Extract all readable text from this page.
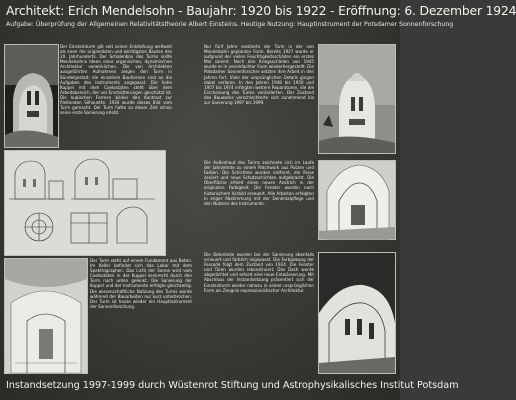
Architekt: Erich Mendelsohn - Baujahr: 1920 bis 1922 - Eröffnung: 6. Dezember 1924
Aufgabe: Überprüfung der Allgemeinen Relativitätstheorie Albert Einsteins. Heutige Nutzung: Hauptinstrument der Potsdamer Sonnenforschung

Der Einsteinturm gilt seit seiner Entstehung weltweit als einer der originellsten und wichtigsten Bauten des 20. Jahrhunderts. Der Schalenbau des Turms sollte Mendelsohns Ideen einer organischen, dynamischen Architektur verwirklichen. Die von Architekten ausgeführten Aufnahmen zeigen den Turm in Bündelgestalt; die einzelnen Bauformen sind an die Aufgaben des Instruments angepasst. Die hohe Kuppel mit dem Coelostaten steht über dem Arbeitsbereich, der vor Erschütterungen geschützt ist. Die kubischen Formen bilden den Kontrast zur fließenden Silhouette. 1930 wurde dieses Bild vom Turm gemacht. Der Turm hatte zu dieser Zeit schon seine erste Sanierung erlebt.

Nur fünf Jahre existierte der Turm in der von Mendelsohn geplanten Form. Bereits 1927 wurde er aufgrund der vielen Feuchtigkeitsschäden ein erstes Mal saniert. Nach den Kriegsschäden von 1945 wurde er in vereinfachter Form wiederhergestellt. Die Potsdamer Sonnenforscher setzten ihre Arbeit in den Jahren fort. Viele der ursprünglichen Details gingen dabei verloren. In den Jahren 1948 bis 1950 und 1957 bis 1974 erfolgten weitere Reparaturen, die die Erscheinung des Turms veränderten. Der Zustand des Bauwerks verschlechterte sich zunehmend bis zur Sanierung 1997 bis 1999.

Die Außenhaut des Turms zeichnete sich im Laufe der Jahrzehnte zu einem Patchwork aus Putzen und Farben. Die Schichten wurden entfernt, die Risse saniert und neue Schutzschichten aufgebracht. Die Oberfläche erhielt einen neuen Anstrich in der originalen Farbigkeit. Die Fenster wurden nach historischem Vorbild erneuert. Alle Arbeiten erfolgten in enger Abstimmung mit der Denkmalpflege und den Nutzern des Instruments.

Der Turm steht auf einem Fundament aus Beton. Im Keller befindet sich das Labor mit dem Spektrographen. Das Licht der Sonne wird vom Coelostaten in der Kuppel senkrecht durch den Turm nach unten gelenkt. Die Sanierung der Kuppel und der Instrumente erfolgte gleichzeitig. Die wissenschaftliche Nutzung des Turms wurde während der Bauarbeiten nur kurz unterbrochen. Der Turm ist heute wieder ein Hauptinstrument der Sonnenforschung.

Die Betonteile wurden bei der Sanierung ebenfalls erneuert und farblich angepasst. Die Farbgebung der Fassade folgt dem Zustand von 1924. Die Fenster und Türen wurden rekonstruiert. Das Dach wurde abgedichtet und erhielt eine neue Entwässerung. Mit Abschluss der Instandsetzung präsentiert sich der Einsteinturm wieder nahezu in seiner ursprünglichen Form als Zeugnis expressionistischer Architektur.

Instandsetzung 1997-1999 durch Wüstenrot Stiftung und Astrophysikalisches Institut Potsdam
